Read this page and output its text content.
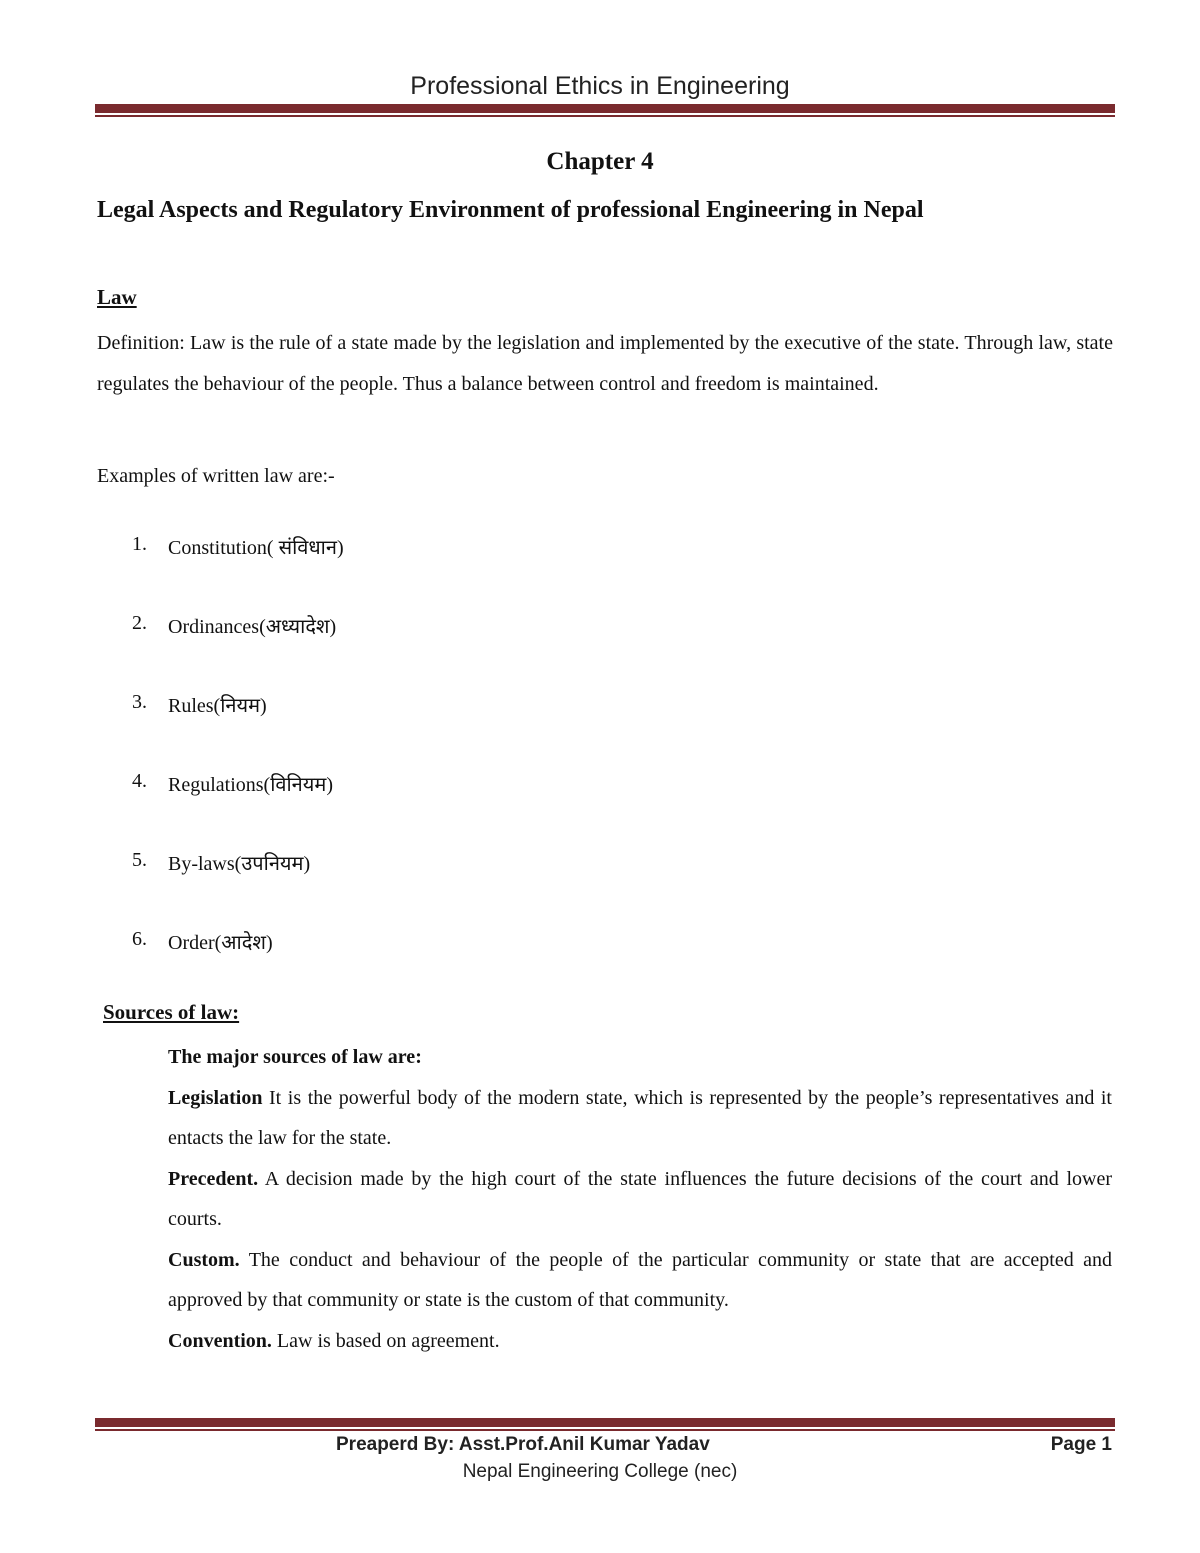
Professional Ethics in Engineering
Chapter 4
Legal Aspects and Regulatory Environment of professional Engineering in Nepal
Law
Definition: Law is the rule of a state made by the legislation and implemented by the executive of the state. Through law, state regulates the behaviour of the people. Thus a balance between control and freedom is maintained.
Examples of written law are:-
1. Constitution( संविधान)
2. Ordinances(अध्यादेश)
3. Rules(नियम)
4. Regulations(विनियम)
5. By-laws(उपनियम)
6. Order(आदेश)
Sources of law:

The major sources of law are:

Legislation It is the powerful body of the modern state, which is represented by the people’s representatives and it entacts the law for the state.

Precedent. A decision made by the high court of the state influences the future decisions of the court and lower courts.

Custom. The conduct and behaviour of the people of the particular community or state that are accepted and approved by that community or state is the custom of that community.

Convention. Law is based on agreement.

Preaperd By: Asst.Prof.Anil Kumar Yadav	Page 1
Nepal Engineering College (nec)
